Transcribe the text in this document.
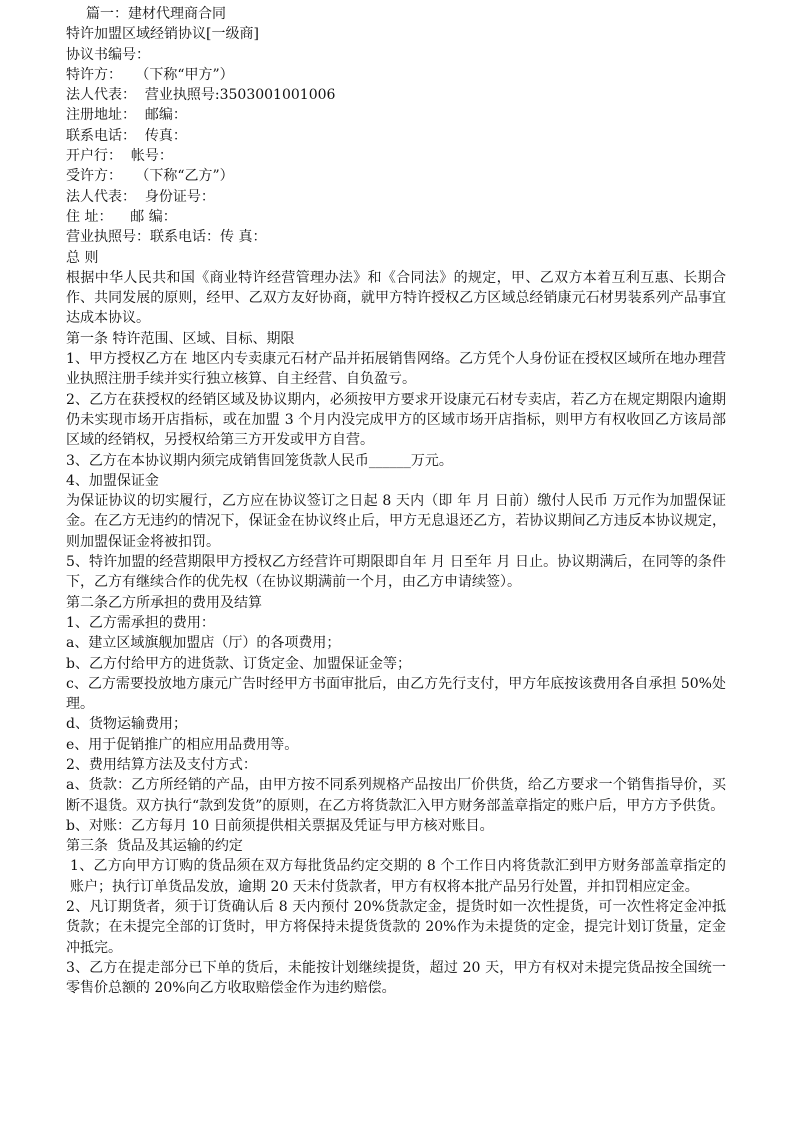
篇一：建材代理商合同
特许加盟区域经销协议[一级商]
协议书编号：
特许方：   （下称“甲方”）
法人代表：  营业执照号:3503001001006
注册地址：  邮编：
联系电话：  传真：
开户行：  帐号：
受许方：   （下称“乙方”）
法人代表：  身份证号：
住 址：    邮 编：
营业执照号：联系电话：传 真：
总 则
根据中华人民共和国《商业特许经营管理办法》和《合同法》的规定，甲、乙双方本着互利互惠、长期合作、共同发展的原则，经甲、乙双方友好协商，就甲方特许授权乙方区域总经销康元石材男装系列产品事宜达成本协议。
第一条 特许范围、区域、目标、期限
1、甲方授权乙方在 地区内专卖康元石材产品并拓展销售网络。乙方凭个人身份证在授权区域所在地办理营业执照注册手续并实行独立核算、自主经营、自负盈亏。
2、乙方在获授权的经销区域及协议期内，必须按甲方要求开设康元石材专卖店，若乙方在规定期限内逾期仍未实现市场开店指标，或在加盟 3 个月内没完成甲方的区域市场开店指标，则甲方有权收回乙方该局部区域的经销权，另授权给第三方开发或甲方自营。
3、乙方在本协议期内须完成销售回笼货款人民币______万元。
4、加盟保证金
为保证协议的切实履行，乙方应在协议签订之日起 8 天内（即 年 月 日前）缴付人民币 万元作为加盟保证金。在乙方无违约的情况下，保证金在协议终止后，甲方无息退还乙方，若协议期间乙方违反本协议规定，则加盟保证金将被扣罚。
5、特许加盟的经营期限甲方授权乙方经营许可期限即自年 月 日至年 月 日止。协议期满后，在同等的条件下，乙方有继续合作的优先权（在协议期满前一个月，由乙方申请续签）。
第二条乙方所承担的费用及结算
1、乙方需承担的费用：
a、建立区域旗舰加盟店（厅）的各项费用；
b、乙方付给甲方的进货款、订货定金、加盟保证金等；
c、乙方需要投放地方康元广告时经甲方书面审批后，由乙方先行支付，甲方年底按该费用各自承担 50%处理。
d、货物运输费用；
e、用于促销推广的相应用品费用等。
2、费用结算方法及支付方式：
a、货款：乙方所经销的产品，由甲方按不同系列规格产品按出厂价供货，给乙方要求一个销售指导价，买断不退货。双方执行“款到发货”的原则，在乙方将货款汇入甲方财务部盖章指定的账户后，甲方方予供货。
b、对账：乙方每月 10 日前须提供相关票据及凭证与甲方核对账目。
第三条  货品及其运输的约定
1、乙方向甲方订购的货品须在双方每批货品约定交期的 8 个工作日内将货款汇到甲方财务部盖章指定的账户；执行订单货品发放，逾期 20 天未付货款者，甲方有权将本批产品另行处置，并扣罚相应定金。
2、凡订期货者，须于订货确认后 8 天内预付 20%货款定金，提货时如一次性提货，可一次性将定金冲抵货款；在未提完全部的订货时，甲方将保持未提货货款的 20%作为未提货的定金，提完计划订货量，定金冲抵完。
3、乙方在提走部分已下单的货后，未能按计划继续提货，超过 20 天，甲方有权对未提完货品按全国统一零售价总额的 20%向乙方收取赔偿金作为违约赔偿。
